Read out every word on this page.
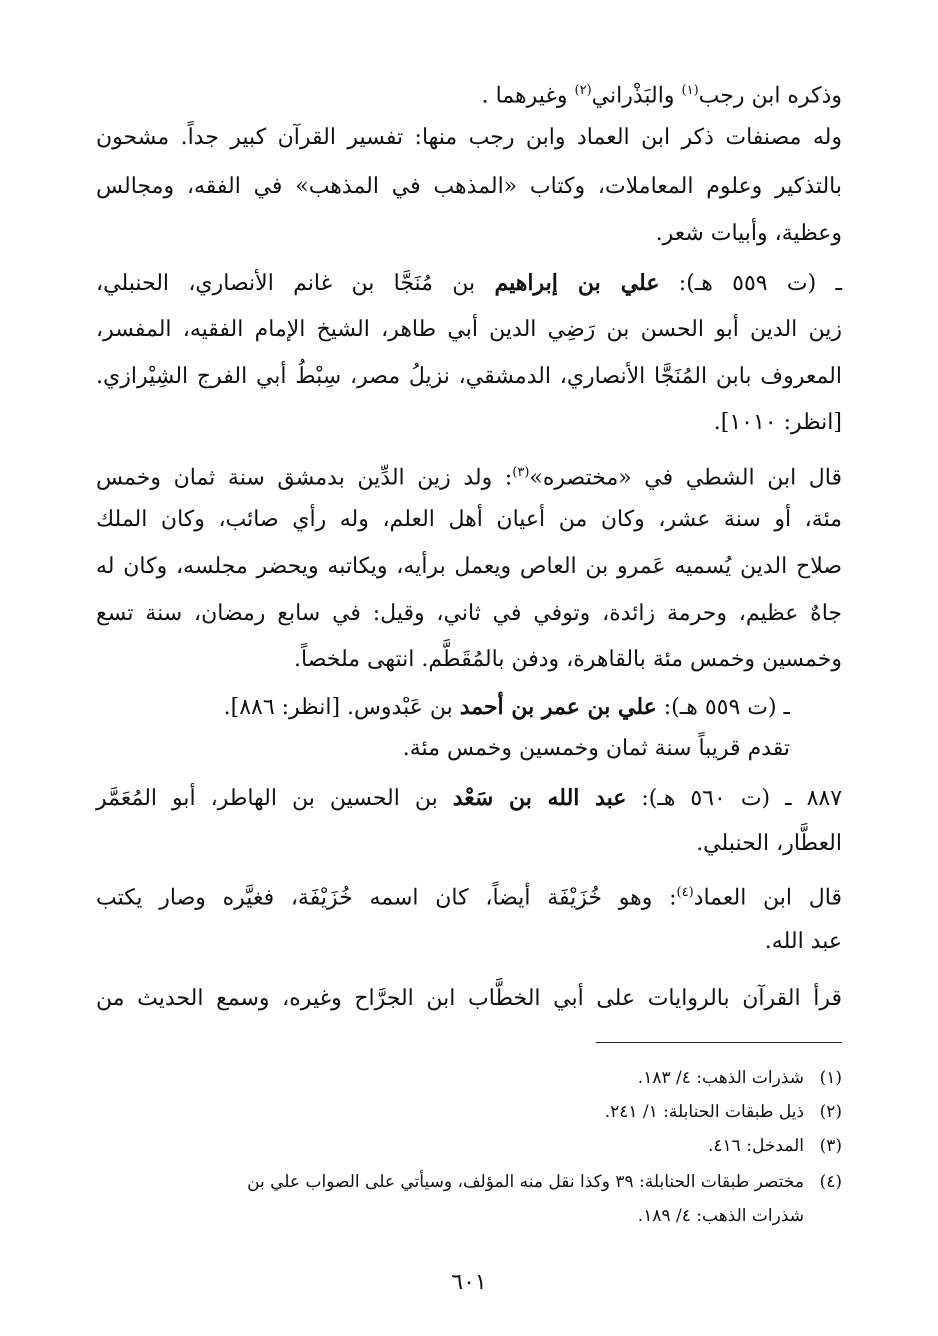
وذكره ابن رجب$^{(١)}$ والبَذْراني$^{(٢)}$ وغيرهما .
وله مصنفات ذكر ابن العماد وابن رجب منها: تفسير القرآن كبير جداً. مشحون
بالتذكير وعلوم المعاملات، وكتاب «المذهب في المذهب» في الفقه، ومجالس
وعظية، وأبيات شعر.
ـ (ت ٥٥٩ هـ): علي بن إبراهيم بن مُنَجَّا بن غانم الأنصاري، الحنبلي،
زين الدين أبو الحسن بن رَضِي الدين أبي طاهر، الشيخ الإمام الفقيه، المفسر،
المعروف بابن المُنَجَّا الأنصاري، الدمشقي، نزيلُ مصر، سِبْطُ أبي الفرج الشِيْرازي.
[انظر: ١٠١٠].
قال ابن الشطي في «مختصره»$^{(٣)}$: ولد زين الدِّين بدمشق سنة ثمان وخمس
مئة، أو سنة عشر، وكان من أعيان أهل العلم، وله رأي صائب، وكان الملك
صلاح الدين يُسميه عَمرو بن العاص ويعمل برأيه، ويكاتبه ويحضر مجلسه، وكان له
جاهٌ عظيم، وحرمة زائدة، وتوفي في ثاني، وقيل: في سابع رمضان، سنة تسع
وخمسين وخمس مئة بالقاهرة، ودفن بالمُقَطَّم. انتهى ملخصاً.
ـ (ت ٥٥٩ هـ): علي بن عمر بن أحمد بن عَبْدوس. [انظر: ٨٨٦].
تقدم قريباً سنة ثمان وخمسين وخمس مئة.
٨٨٧ ـ (ت ٥٦٠ هـ): عبد الله بن سَعْد بن الحسين بن الهاطر، أبو المُعَمَّر
العطَّار، الحنبلي.
قال ابن العماد$^{(٤)}$: وهو خُزَيْفَة أيضاً، كان اسمه خُزَيْفَة، فغيَّره وصار يكتب
عبد الله.
قرأ القرآن بالروايات على أبي الخطَّاب ابن الجرَّاح وغيره، وسمع الحديث من
(١)شذرات الذهب: ٤/ ١٨٣.
(٢)ذيل طبقات الحنابلة: ١/ ٢٤١.
(٣)المدخل: ٤١٦.
(٤)مختصر طبقات الحنابلة: ٣٩ وكذا نقل منه المؤلف، وسيأتي على الصواب علي بن
شذرات الذهب: ٤/ ١٨٩.
٦٠١
